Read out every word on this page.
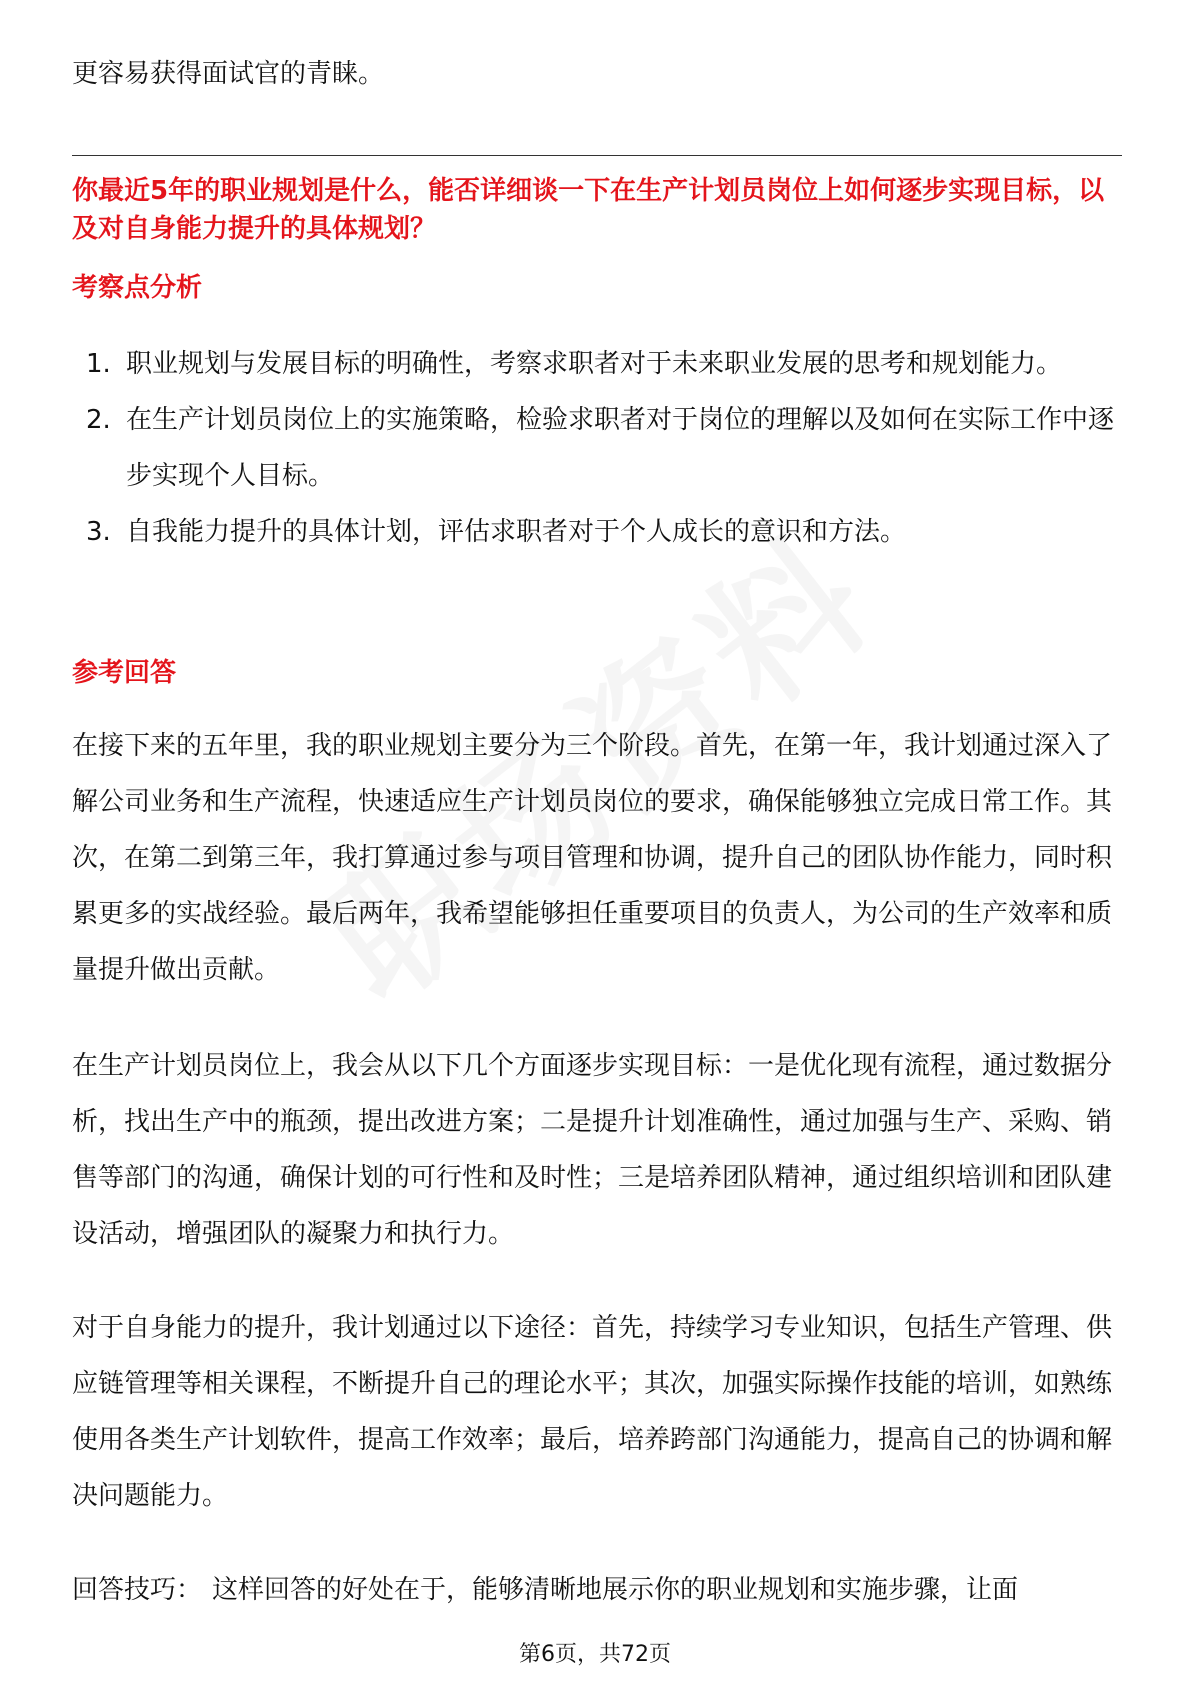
更容易获得面试官的青睐。

你最近5年的职业规划是什么，能否详细谈一下在生产计划员岗位上如何逐步实现目标，以及对自身能力提升的具体规划？

考察点分析
1. 职业规划与发展目标的明确性，考察求职者对于未来职业发展的思考和规划能力。
2. 在生产计划员岗位上的实施策略，检验求职者对于岗位的理解以及如何在实际工作中逐步实现个人目标。
3. 自我能力提升的具体计划，评估求职者对于个人成长的意识和方法。
参考回答

在接下来的五年里，我的职业规划主要分为三个阶段。首先，在第一年，我计划通过深入了解公司业务和生产流程，快速适应生产计划员岗位的要求，确保能够独立完成日常工作。其次，在第二到第三年，我打算通过参与项目管理和协调，提升自己的团队协作能力，同时积累更多的实战经验。最后两年，我希望能够担任重要项目的负责人，为公司的生产效率和质量提升做出贡献。

在生产计划员岗位上，我会从以下几个方面逐步实现目标：一是优化现有流程，通过数据分析，找出生产中的瓶颈，提出改进方案；二是提升计划准确性，通过加强与生产、采购、销售等部门的沟通，确保计划的可行性和及时性；三是培养团队精神，通过组织培训和团队建设活动，增强团队的凝聚力和执行力。

对于自身能力的提升，我计划通过以下途径：首先，持续学习专业知识，包括生产管理、供应链管理等相关课程，不断提升自己的理论水平；其次，加强实际操作技能的培训，如熟练使用各类生产计划软件，提高工作效率；最后，培养跨部门沟通能力，提高自己的协调和解决问题能力。

回答技巧： 这样回答的好处在于，能够清晰地展示你的职业规划和实施步骤，让面

第6页，共72页
